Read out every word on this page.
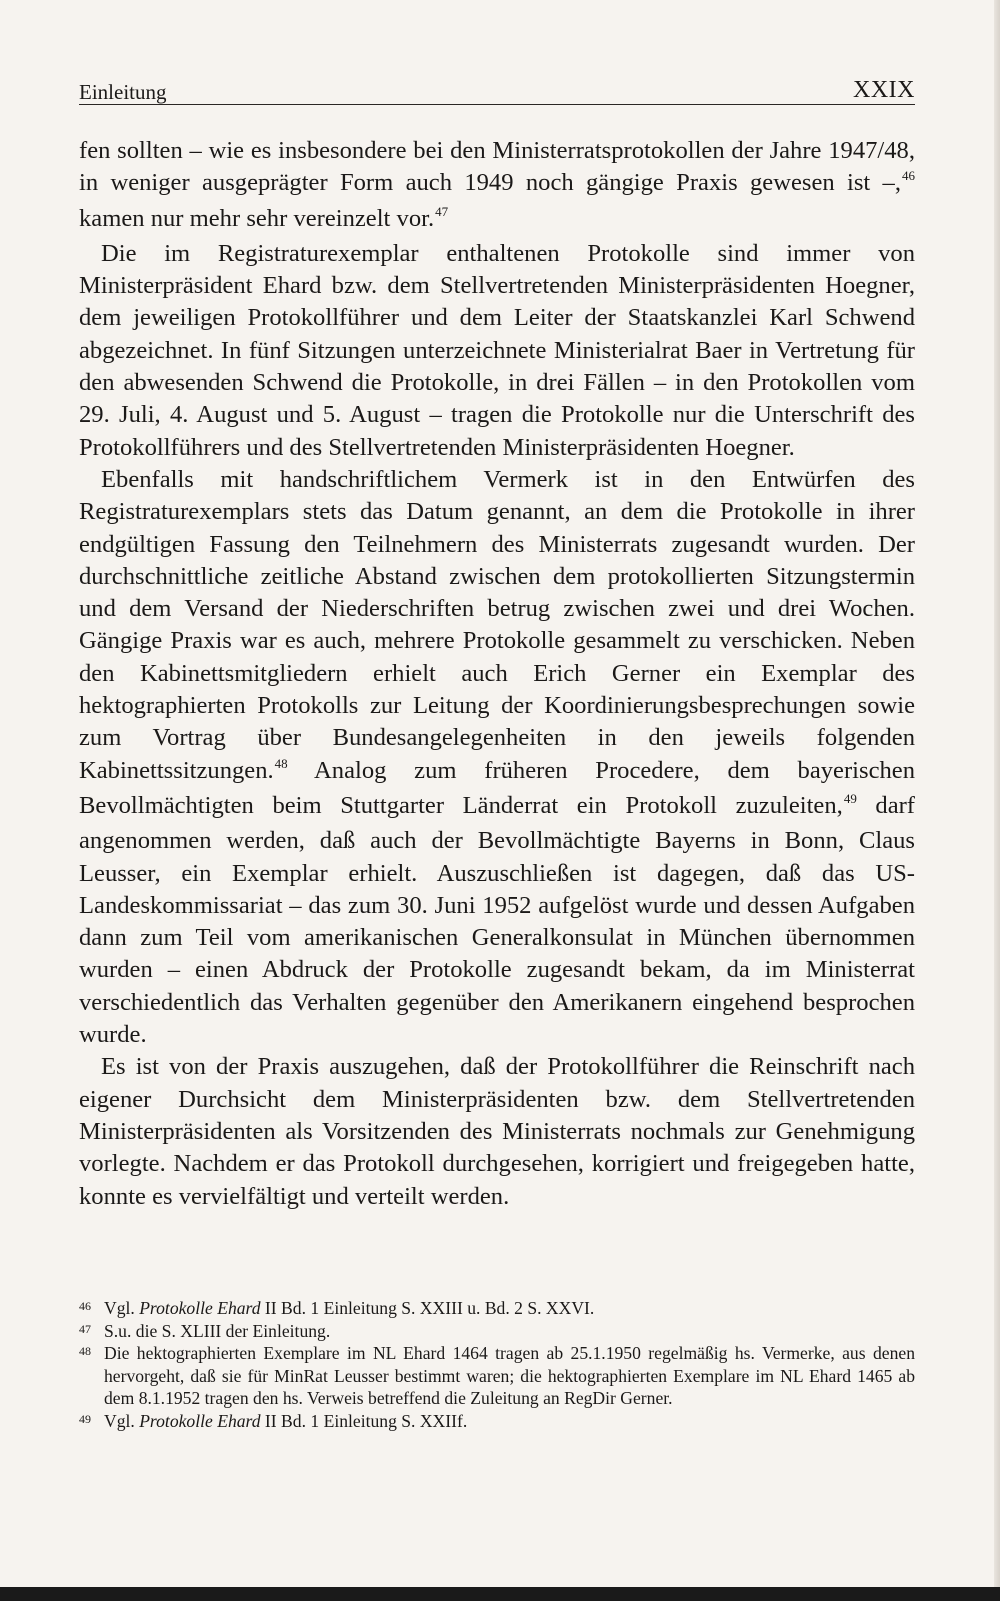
Einleitung	XXIX

fen sollten – wie es insbesondere bei den Ministerratsprotokollen der Jahre 1947/48, in weniger ausgeprägter Form auch 1949 noch gängige Praxis gewesen ist –,$^{46}$ kamen nur mehr sehr vereinzelt vor.$^{47}$

Die im Registraturexemplar enthaltenen Protokolle sind immer von Ministerpräsident Ehard bzw. dem Stellvertretenden Ministerpräsidenten Hoegner, dem jeweiligen Protokollführer und dem Leiter der Staatskanzlei Karl Schwend abgezeichnet. In fünf Sitzungen unterzeichnete Ministerialrat Baer in Vertretung für den abwesenden Schwend die Protokolle, in drei Fällen – in den Protokollen vom 29. Juli, 4. August und 5. August – tragen die Protokolle nur die Unterschrift des Protokollführers und des Stellvertretenden Ministerpräsidenten Hoegner.

Ebenfalls mit handschriftlichem Vermerk ist in den Entwürfen des Registraturexemplars stets das Datum genannt, an dem die Protokolle in ihrer endgültigen Fassung den Teilnehmern des Ministerrats zugesandt wurden. Der durchschnittliche zeitliche Abstand zwischen dem protokollierten Sitzungstermin und dem Versand der Niederschriften betrug zwischen zwei und drei Wochen. Gängige Praxis war es auch, mehrere Protokolle gesammelt zu verschicken. Neben den Kabinettsmitgliedern erhielt auch Erich Gerner ein Exemplar des hektographierten Protokolls zur Leitung der Koordinierungsbesprechungen sowie zum Vortrag über Bundesangelegenheiten in den jeweils folgenden Kabinettssitzungen.$^{48}$ Analog zum früheren Procedere, dem bayerischen Bevollmächtigten beim Stuttgarter Länderrat ein Protokoll zuzuleiten,$^{49}$ darf angenommen werden, daß auch der Bevollmächtigte Bayerns in Bonn, Claus Leusser, ein Exemplar erhielt. Auszuschließen ist dagegen, daß das US-Landeskommissariat – das zum 30. Juni 1952 aufgelöst wurde und dessen Aufgaben dann zum Teil vom amerikanischen Generalkonsulat in München übernommen wurden – einen Abdruck der Protokolle zugesandt bekam, da im Ministerrat verschiedentlich das Verhalten gegenüber den Amerikanern eingehend besprochen wurde.

Es ist von der Praxis auszugehen, daß der Protokollführer die Reinschrift nach eigener Durchsicht dem Ministerpräsidenten bzw. dem Stellvertretenden Ministerpräsidenten als Vorsitzenden des Ministerrats nochmals zur Genehmigung vorlegte. Nachdem er das Protokoll durchgesehen, korrigiert und freigegeben hatte, konnte es vervielfältigt und verteilt werden.

46 Vgl. Protokolle Ehard II Bd. 1 Einleitung S. XXIII u. Bd. 2 S. XXVI.
47 S.u. die S. XLIII der Einleitung.
48 Die hektographierten Exemplare im NL Ehard 1464 tragen ab 25.1.1950 regelmäßig hs. Vermerke, aus denen hervorgeht, daß sie für MinRat Leusser bestimmt waren; die hektographierten Exemplare im NL Ehard 1465 ab dem 8.1.1952 tragen den hs. Verweis betreffend die Zuleitung an RegDir Gerner.
49 Vgl. Protokolle Ehard II Bd. 1 Einleitung S. XXIIf.
